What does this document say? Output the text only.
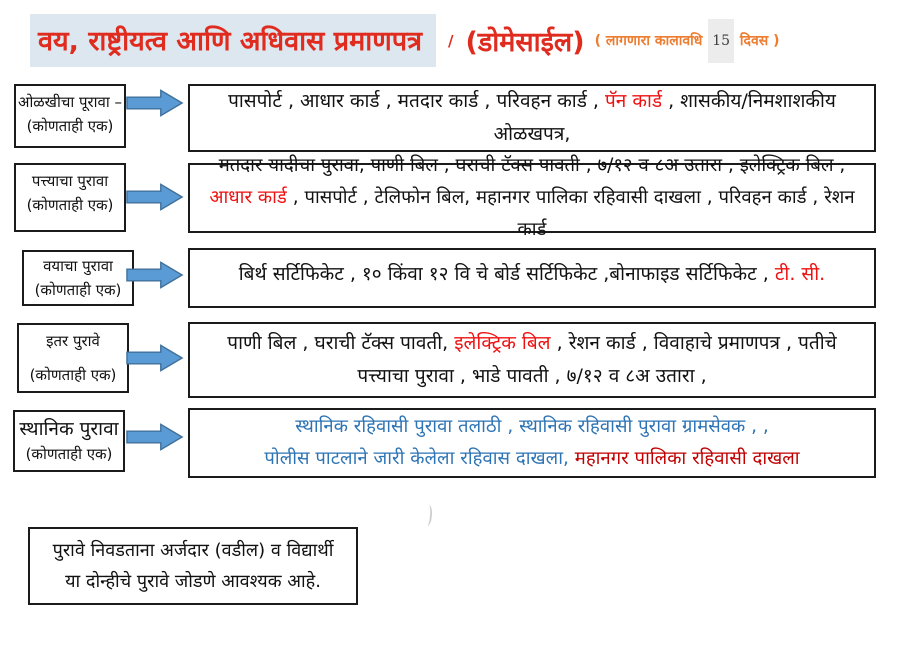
वय, राष्ट्रीयत्व आणि अधिवास प्रमाणपत्र	/ (डोमेसाईल) ( लागणारा कालावधि 15 दिवस )
ओळखीचा पूरावा –
(कोणताही एक)

पासपोर्ट , आधार कार्ड , मतदार कार्ड , परिवहन कार्ड , पॅन कार्ड , शासकीय/निमशाशकीय ओळखपत्र,

पत्त्याचा पुरावा
(कोणताही एक)

मतदार यादीचा पुरावा, पाणी बिल , घराची टॅक्स पावती , ७/१२ व ८अ उतारा , इलेक्ट्रिक बिल , आधार कार्ड , पासपोर्ट , टेलिफोन बिल, महानगर पालिका रहिवासी दाखला , परिवहन कार्ड , रेशन कार्ड

वयाचा पुरावा
(कोणताही एक)

बिर्थ सर्टिफिकेट , १० किंवा १२ वि चे बोर्ड सर्टिफिकेट ,बोनाफाइड सर्टिफिकेट , टी. सी.

इतर पुरावे
(कोणताही एक)

पाणी बिल , घराची टॅक्स पावती, इलेक्ट्रिक बिल , रेशन कार्ड , विवाहाचे प्रमाणपत्र , पतीचे पत्त्याचा पुरावा , भाडे पावती , ७/१२ व ८अ उतारा ,

स्थानिक पुरावा
(कोणताही एक)

स्थानिक रहिवासी पुरावा तलाठी , स्थानिक रहिवासी पुरावा ग्रामसेवक , ,
पोलीस पाटलाने जारी केलेला रहिवास दाखला, महानगर पालिका रहिवासी दाखला

पुरावे निवडताना अर्जदार (वडील) व विद्यार्थी
या दोन्हीचे पुरावे जोडणे आवश्यक आहे.
